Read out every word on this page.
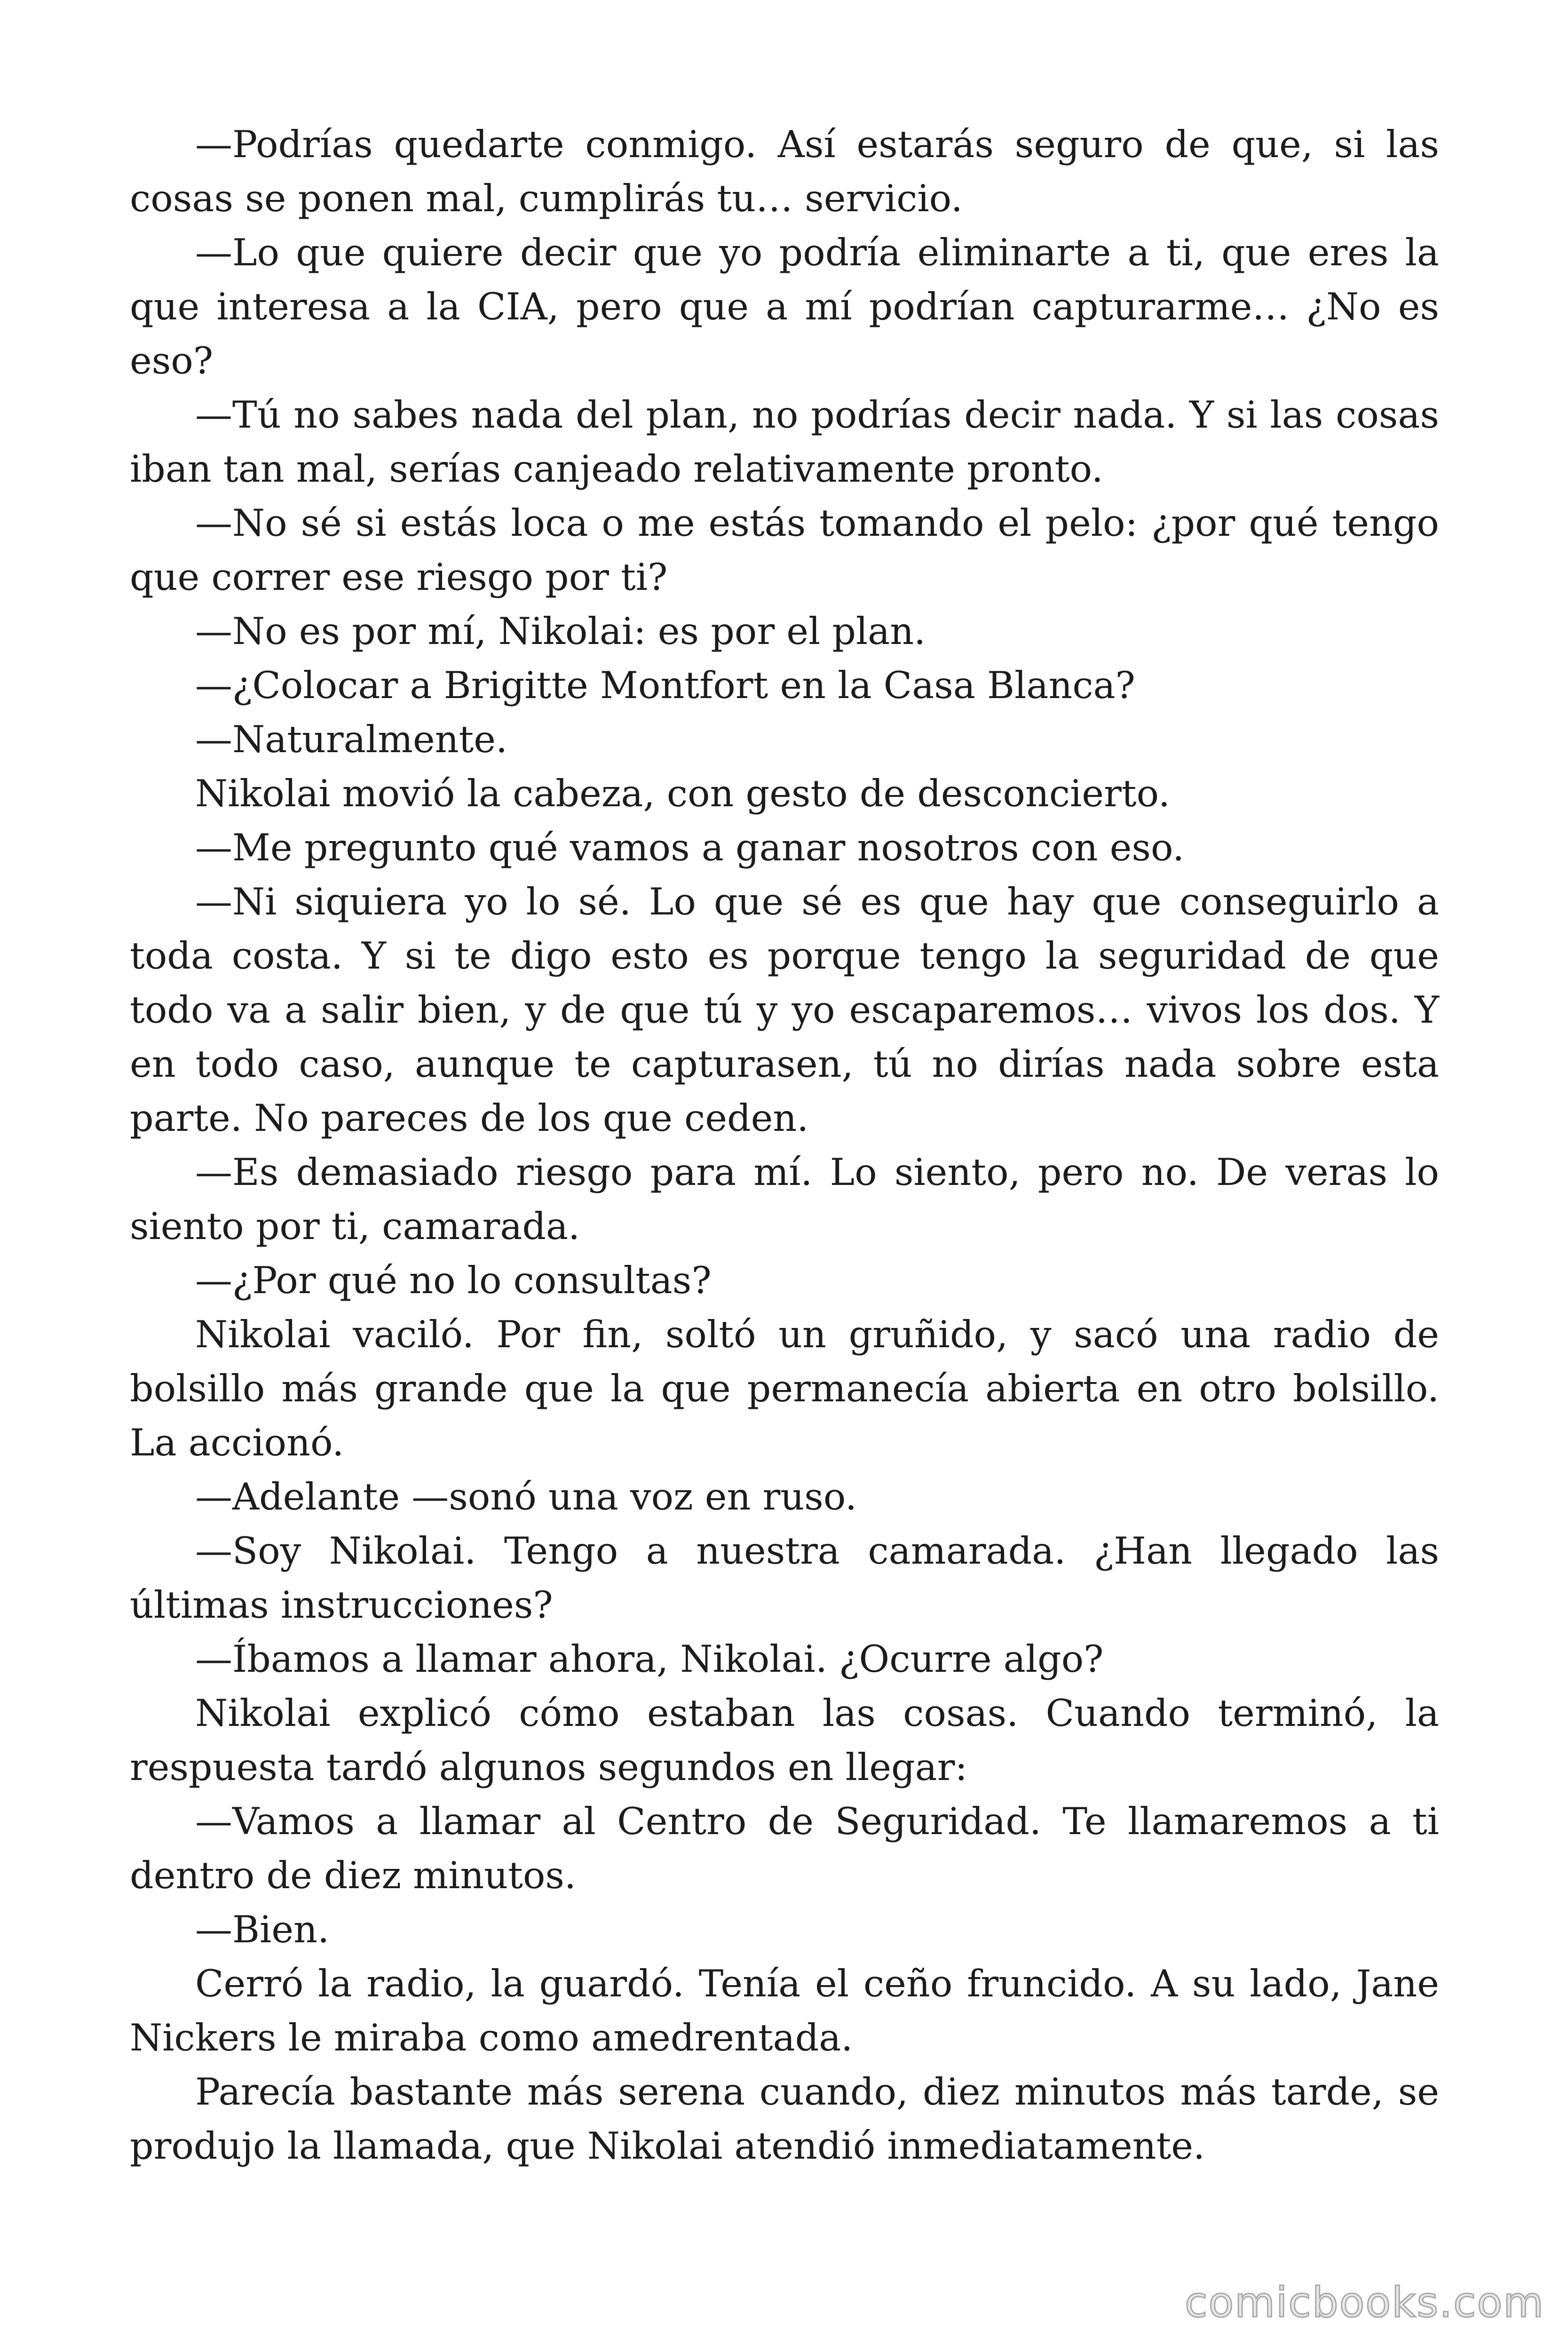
—Podrías quedarte conmigo. Así estarás seguro de que, si las cosas se ponen mal, cumplirás tu… servicio.

—Lo que quiere decir que yo podría eliminarte a ti, que eres la que interesa a la CIA, pero que a mí podrían capturarme… ¿No es eso?

—Tú no sabes nada del plan, no podrías decir nada. Y si las cosas iban tan mal, serías canjeado relativamente pronto.

—No sé si estás loca o me estás tomando el pelo: ¿por qué tengo que correr ese riesgo por ti?

—No es por mí, Nikolai: es por el plan.

—¿Colocar a Brigitte Montfort en la Casa Blanca?

—Naturalmente.

Nikolai movió la cabeza, con gesto de desconcierto.

—Me pregunto qué vamos a ganar nosotros con eso.

—Ni siquiera yo lo sé. Lo que sé es que hay que conseguirlo a toda costa. Y si te digo esto es porque tengo la seguridad de que todo va a salir bien, y de que tú y yo escaparemos… vivos los dos. Y en todo caso, aunque te capturasen, tú no dirías nada sobre esta parte. No pareces de los que ceden.

—Es demasiado riesgo para mí. Lo siento, pero no. De veras lo siento por ti, camarada.

—¿Por qué no lo consultas?

Nikolai vaciló. Por fin, soltó un gruñido, y sacó una radio de bolsillo más grande que la que permanecía abierta en otro bolsillo. La accionó.

—Adelante —sonó una voz en ruso.

—Soy Nikolai. Tengo a nuestra camarada. ¿Han llegado las últimas instrucciones?

—Íbamos a llamar ahora, Nikolai. ¿Ocurre algo?

Nikolai explicó cómo estaban las cosas. Cuando terminó, la respuesta tardó algunos segundos en llegar:

—Vamos a llamar al Centro de Seguridad. Te llamaremos a ti dentro de diez minutos.

—Bien.

Cerró la radio, la guardó. Tenía el ceño fruncido. A su lado, Jane Nickers le miraba como amedrentada.

Parecía bastante más serena cuando, diez minutos más tarde, se produjo la llamada, que Nikolai atendió inmediatamente.

comicbooks.com
